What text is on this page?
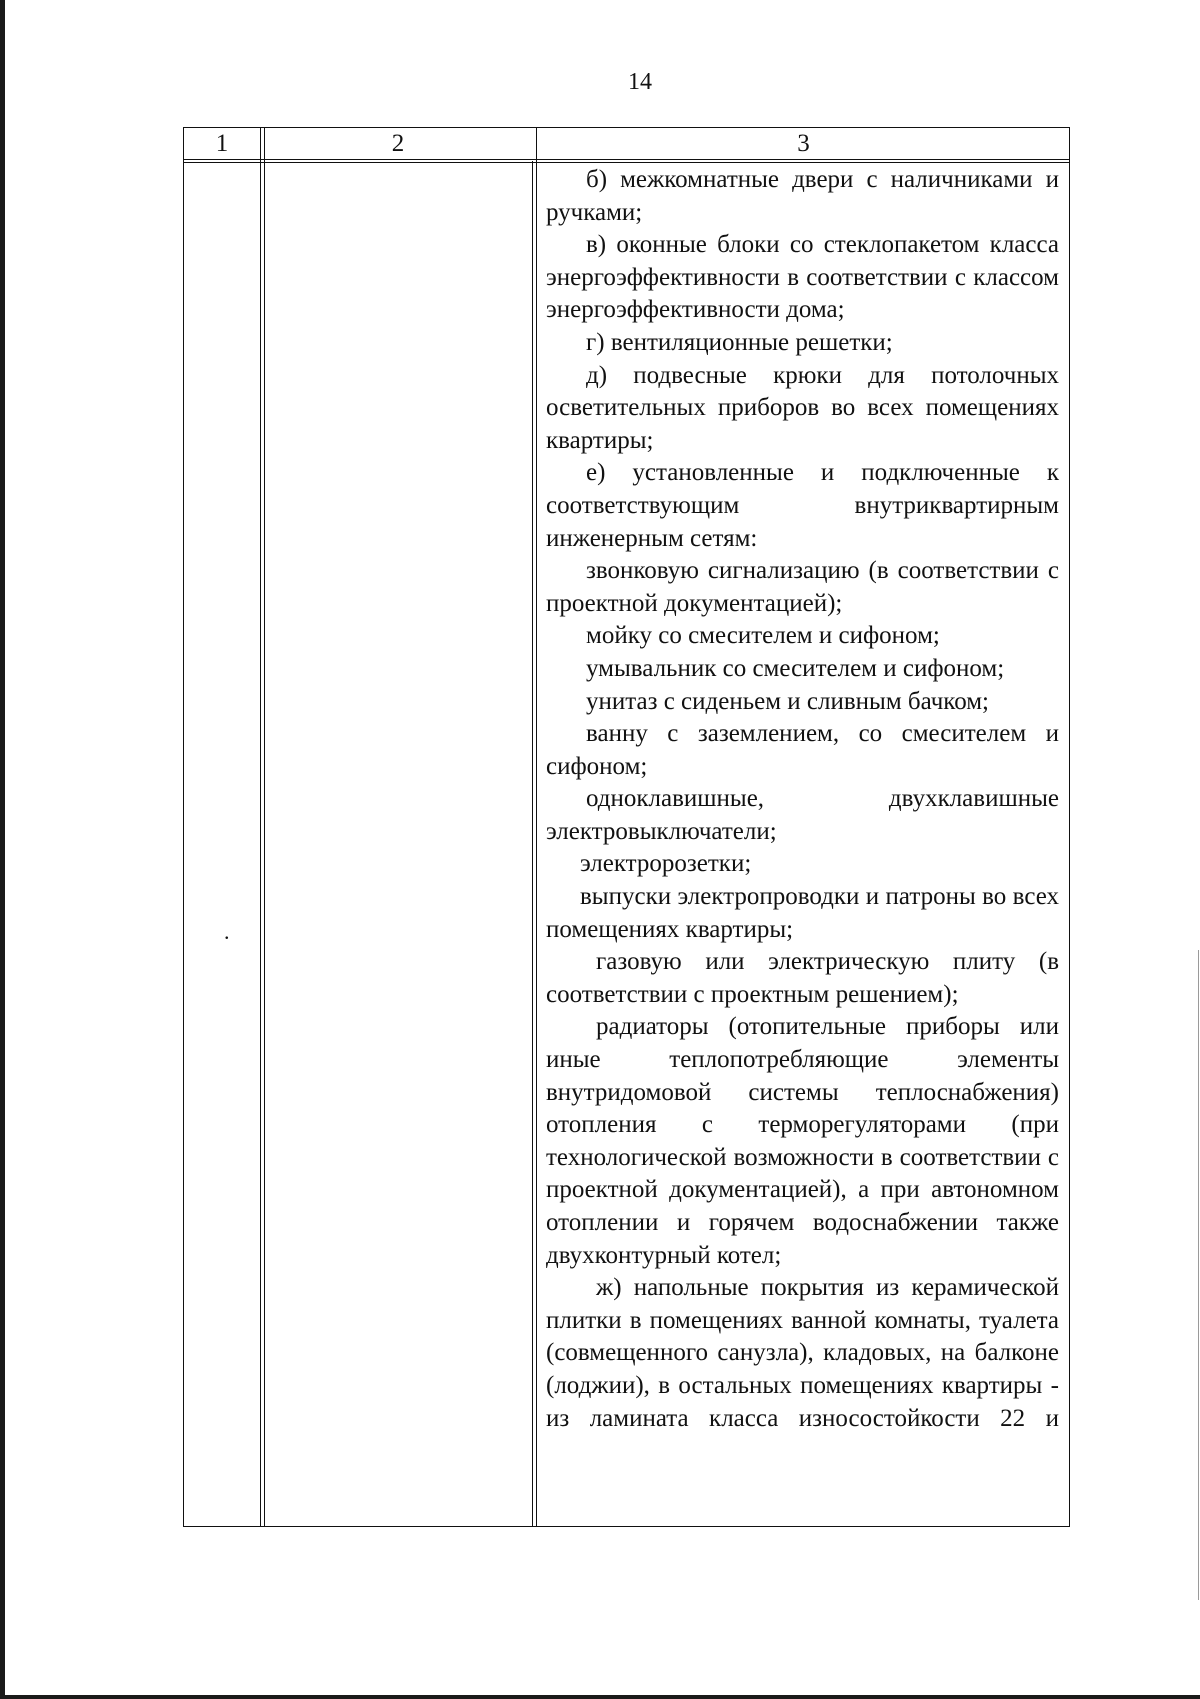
14
1	2	3
.

б) межкомнатные двери с наличниками и ручками;

в) оконные блоки со стеклопакетом класса энергоэффективности в соответствии с классом энергоэффективности дома;

г) вентиляционные решетки;

д) подвесные крюки для потолочных осветительных приборов во всех помещениях квартиры;

е) установленные и подключенные к соответствующим внутриквартирным инженерным сетям:

звонковую сигнализацию (в соответствии с проектной документацией);

мойку со смесителем и сифоном;

умывальник со смесителем и сифоном;

унитаз с сиденьем и сливным бачком;

ванну с заземлением, со смесителем и сифоном;

одноклавишные, двухклавишные электровыключатели;

электророзетки;

выпуски электропроводки и патроны во всех помещениях квартиры;

газовую или электрическую плиту (в соответствии с проектным решением);

радиаторы (отопительные приборы или иные теплопотребляющие элементы внутридомовой системы теплоснабжения) отопления с терморегуляторами (при технологической возможности в соответствии с проектной документацией), а при автономном отоплении и горячем водоснабжении также двухконтурный котел;

ж) напольные покрытия из керамической плитки в помещениях ванной комнаты, туалета (совмещенного санузла), кладовых, на балконе (лоджии), в остальных помещениях квартиры - из ламината класса износостойкости 22 и
